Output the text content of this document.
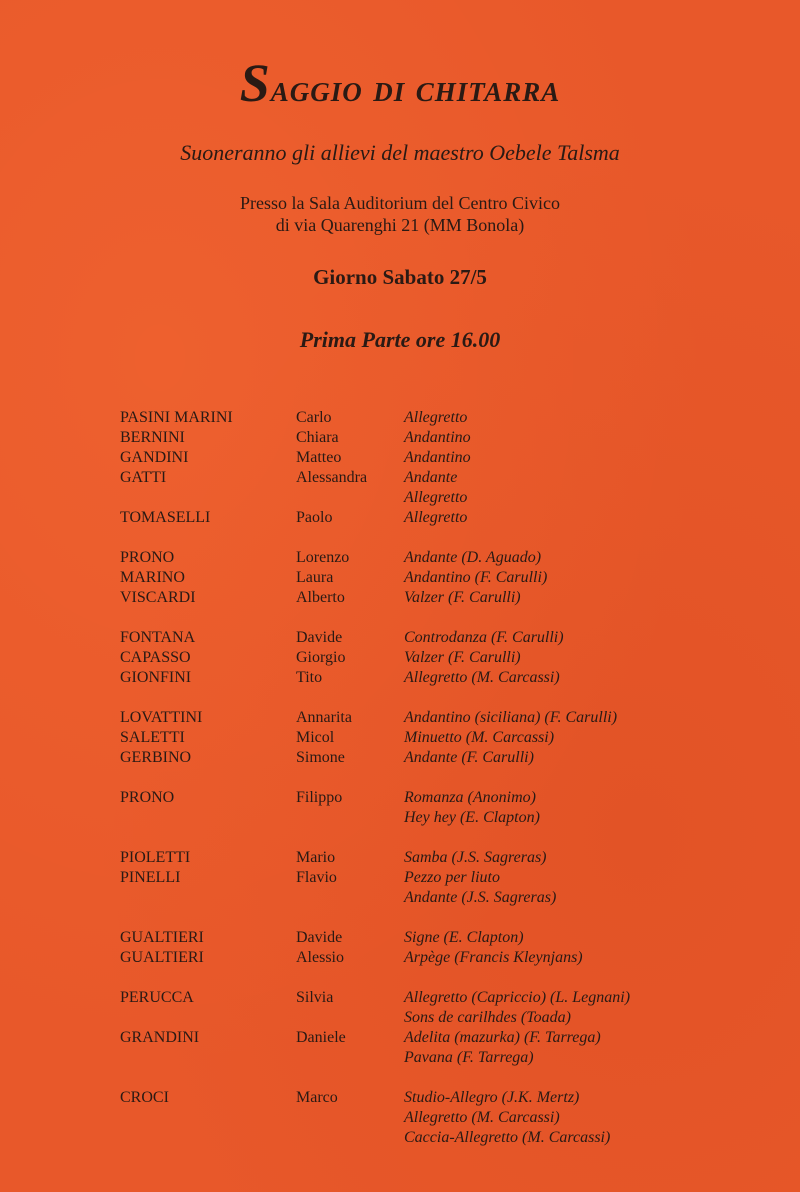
Saggio di chitarra
Suoneranno gli allievi del maestro Oebele Talsma
Presso la Sala Auditorium del Centro Civico
di via Quarenghi 21 (MM Bonola)
Giorno Sabato 27/5
Prima Parte ore 16.00
PASINI MARINI	Carlo	Allegretto
BERNINI	Chiara	Andantino
GANDINI	Matteo	Andantino
GATTI	Alessandra	Andante
Allegretto
TOMASELLI	Paolo	Allegretto
PRONO	Lorenzo	Andante (D. Aguado)
MARINO	Laura	Andantino (F. Carulli)
VISCARDI	Alberto	Valzer (F. Carulli)
FONTANA	Davide	Controdanza (F. Carulli)
CAPASSO	Giorgio	Valzer (F. Carulli)
GIONFINI	Tito	Allegretto (M. Carcassi)
LOVATTINI	Annarita	Andantino (siciliana) (F. Carulli)
SALETTI	Micol	Minuetto (M. Carcassi)
GERBINO	Simone	Andante (F. Carulli)
PRONO	Filippo	Romanza (Anonimo)
Hey hey (E. Clapton)
PIOLETTI	Mario	Samba (J.S. Sagreras)
PINELLI	Flavio	Pezzo per liuto
Andante (J.S. Sagreras)
GUALTIERI	Davide	Signe (E. Clapton)
GUALTIERI	Alessio	Arpège (Francis Kleynjans)
PERUCCA	Silvia	Allegretto (Capriccio) (L. Legnani)
Sons de carilhdes (Toada)
GRANDINI	Daniele	Adelita (mazurka) (F. Tarrega)
Pavana (F. Tarrega)
CROCI	Marco	Studio-Allegro (J.K. Mertz)
Allegretto (M. Carcassi)
Caccia-Allegretto (M. Carcassi)
